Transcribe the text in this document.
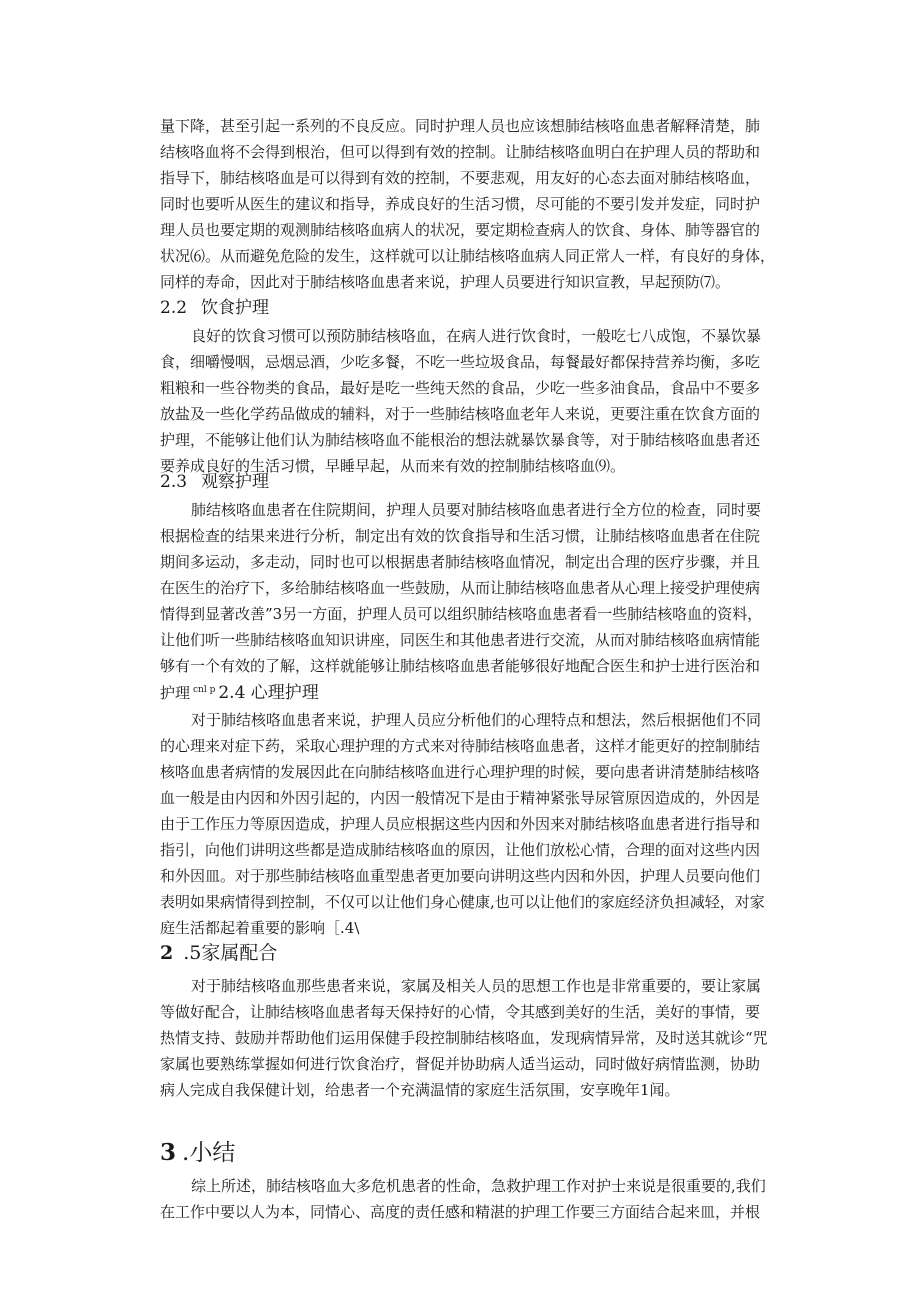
量下降，甚至引起一系列的不良反应。同时护理人员也应该想肺结核咯血患者解释清楚，肺
结核咯血将不会得到根治，但可以得到有效的控制。让肺结核咯血明白在护理人员的帮助和
指导下，肺结核咯血是可以得到有效的控制，不要悲观，用友好的心态去面对肺结核咯血，
同时也要听从医生的建议和指导，养成良好的生活习惯，尽可能的不要引发并发症，同时护
理人员也要定期的观测肺结核咯血病人的状况，要定期检查病人的饮食、身体、肺等器官的
状况⑹。从而避免危险的发生，这样就可以让肺结核咯血病人同正常人一样，有良好的身体，
同样的寿命，因此对于肺结核咯血患者来说，护理人员要进行知识宣教，早起预防⑺。
2.2 饮食护理
良好的饮食习惯可以预防肺结核咯血，在病人进行饮食时，一般吃七八成饱，不暴饮暴
食，细嚼慢咽，忌烟忌酒，少吃多餐，不吃一些垃圾食品，每餐最好都保持营养均衡，多吃
粗粮和一些谷物类的食品，最好是吃一些纯天然的食品，少吃一些多油食品，食品中不要多
放盐及一些化学药品做成的辅料，对于一些肺结核咯血老年人来说，更要注重在饮食方面的
护理，不能够让他们认为肺结核咯血不能根治的想法就暴饮暴食等，对于肺结核咯血患者还
要养成良好的生活习惯，早睡早起，从而来有效的控制肺结核咯血⑼。
2.3 观察护理
肺结核咯血患者在住院期间，护理人员要对肺结核咯血患者进行全方位的检查，同时要
根据检查的结果来进行分析，制定出有效的饮食指导和生活习惯，让肺结核咯血患者在住院
期间多运动，多走动，同时也可以根据患者肺结核咯血情况，制定出合理的医疗步骤，并且
在医生的治疗下，多给肺结核咯血一些鼓励，从而让肺结核咯血患者从心理上接受护理使病
情得到显著改善”3另一方面，护理人员可以组织肺结核咯血患者看一些肺结核咯血的资料，
让他们听一些肺结核咯血知识讲座，同医生和其他患者进行交流，从而对肺结核咯血病情能
够有一个有效的了解，这样就能够让肺结核咯血患者能够很好地配合医生和护士进行医治和
护理 $^{cnl p}$ 2.4 心理护理
对于肺结核咯血患者来说，护理人员应分析他们的心理特点和想法，然后根据他们不同
的心理来对症下药，采取心理护理的方式来对待肺结核咯血患者，这样才能更好的控制肺结
核咯血患者病情的发展因此在向肺结核咯血进行心理护理的时候，要向患者讲清楚肺结核咯
血一般是由内因和外因引起的，内因一般情况下是由于精神紧张导尿管原因造成的，外因是
由于工作压力等原因造成，护理人员应根据这些内因和外因来对肺结核咯血患者进行指导和
指引，向他们讲明这些都是造成肺结核咯血的原因，让他们放松心情，合理的面对这些内因
和外因皿。对于那些肺结核咯血重型患者更加要向讲明这些内因和外因，护理人员要向他们
表明如果病情得到控制，不仅可以让他们身心健康,也可以让他们的家庭经济负担减轻，对家
庭生活都起着重要的影响［.4\
2 .5家属配合
对于肺结核咯血那些患者来说，家属及相关人员的思想工作也是非常重要的，要让家属
等做好配合，让肺结核咯血患者每天保持好的心情，令其感到美好的生活，美好的事情，要
热情支持、鼓励并帮助他们运用保健手段控制肺结核咯血，发现病情异常，及时送其就诊“咒
家属也要熟练掌握如何进行饮食治疗，督促并协助病人适当运动，同时做好病情监测，协助
病人完成自我保健计划，给患者一个充满温情的家庭生活氛围，安享晚年1闻。
3 .小结
综上所述，肺结核咯血大多危机患者的性命，急救护理工作对护士来说是很重要的,我们
在工作中要以人为本，同情心、高度的责任感和精湛的护理工作要三方面结合起来皿，并根
